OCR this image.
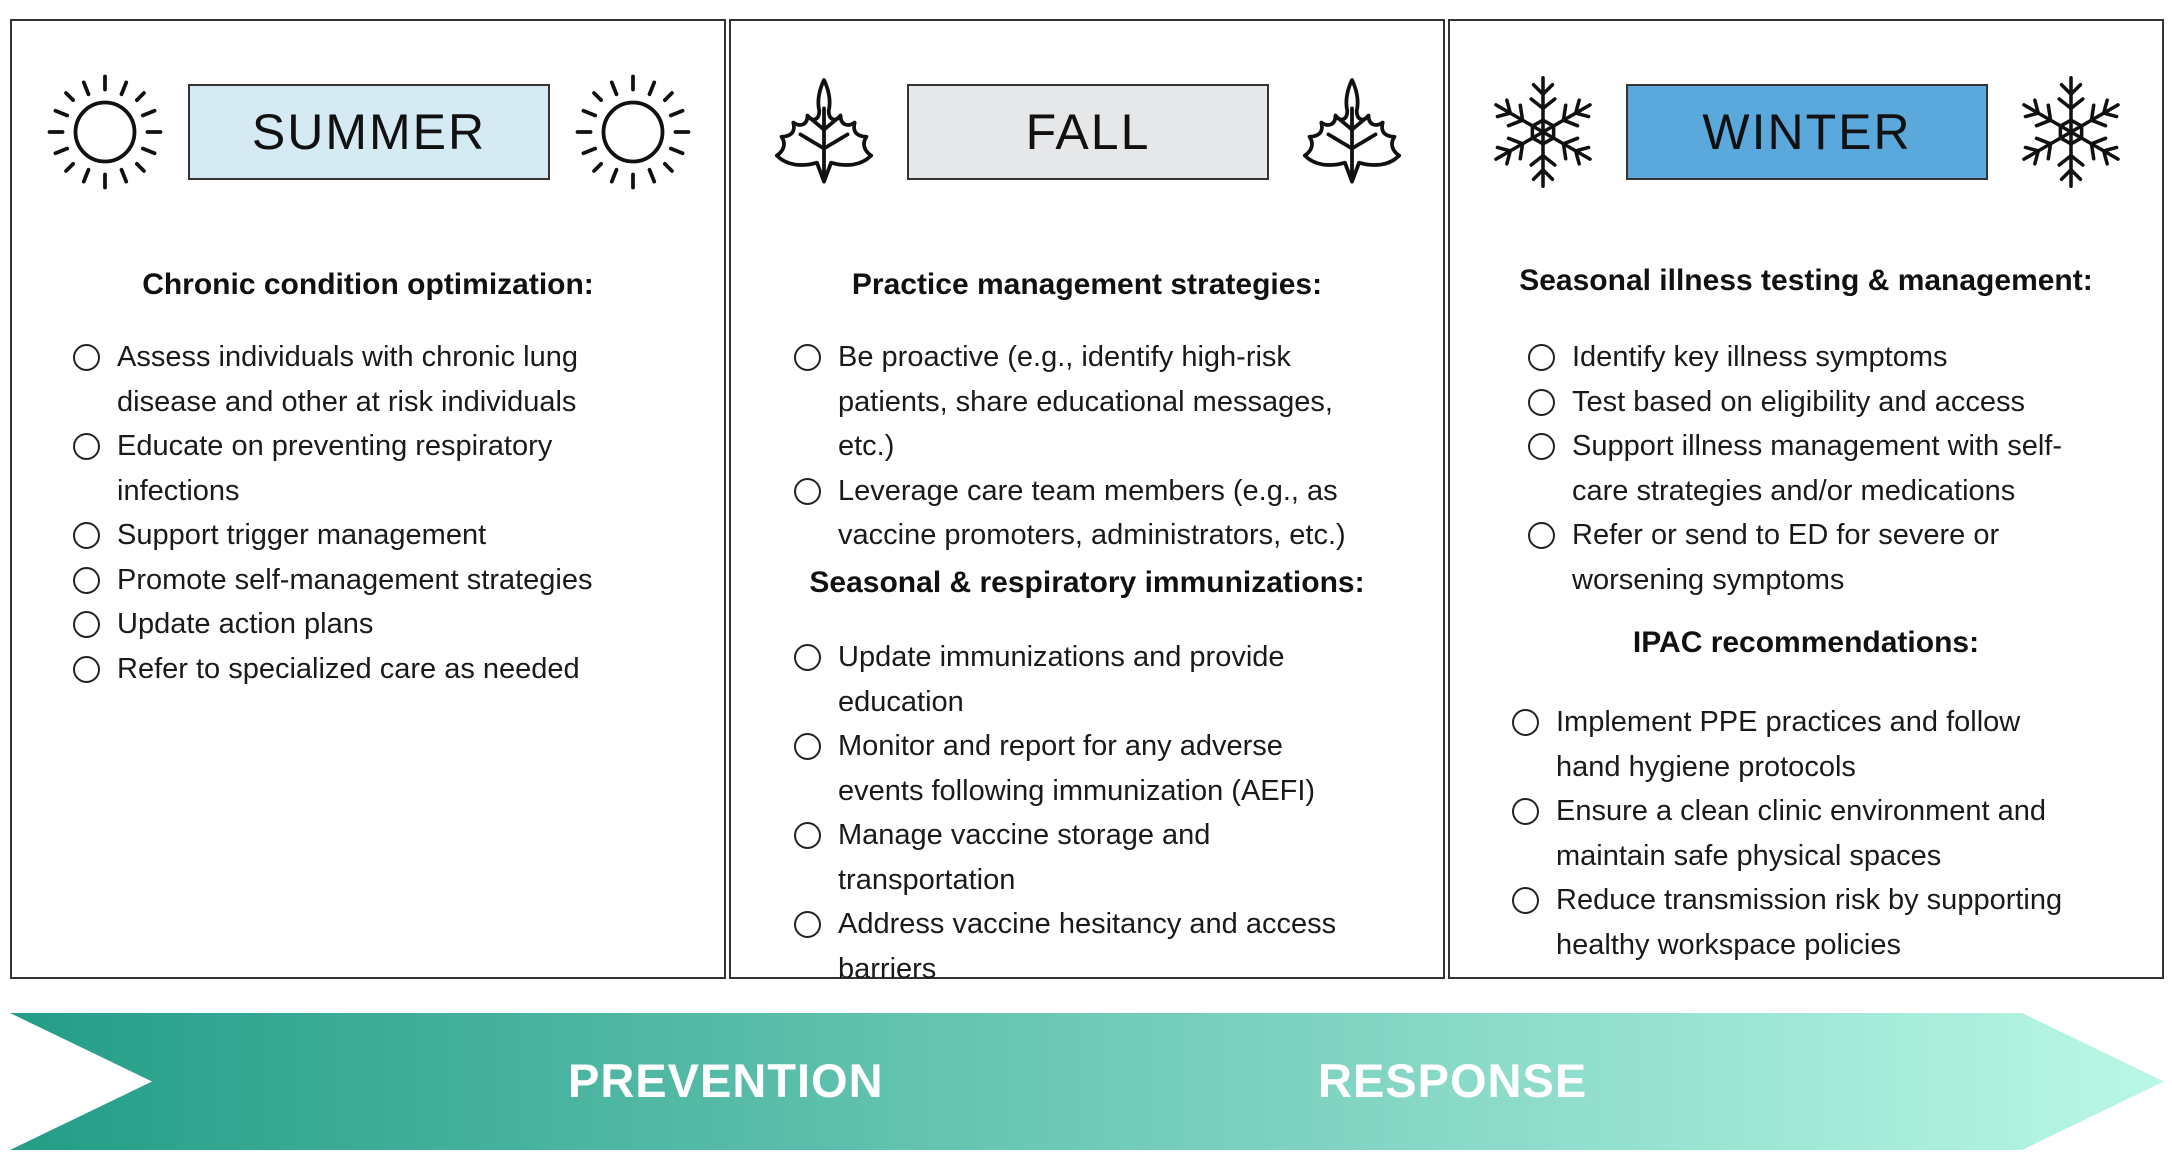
SUMMER
Chronic condition optimization:
Assess individuals with chronic lung
disease and other at risk individuals
Educate on preventing respiratory
infections
Support trigger management
Promote self-management strategies
Update action plans
Refer to specialized care as needed
FALL
Practice management strategies:
Be proactive (e.g., identify high-risk
patients, share educational messages,
etc.)
Leverage care team members (e.g., as
vaccine promoters, administrators, etc.)
Seasonal & respiratory immunizations:
Update immunizations and provide
education
Monitor and report for any adverse
events following immunization (AEFI)
Manage vaccine storage and
transportation
Address vaccine hesitancy and access
barriers
WINTER
Seasonal illness testing & management:
Identify key illness symptoms
Test based on eligibility and access
Support illness management with self-
care strategies and/or medications
Refer or send to ED for severe or
worsening symptoms
IPAC recommendations:
Implement PPE practices and follow
hand hygiene protocols
Ensure a clean clinic environment and
maintain safe physical spaces
Reduce transmission risk by supporting
healthy workspace policies
PREVENTION	RESPONSE
